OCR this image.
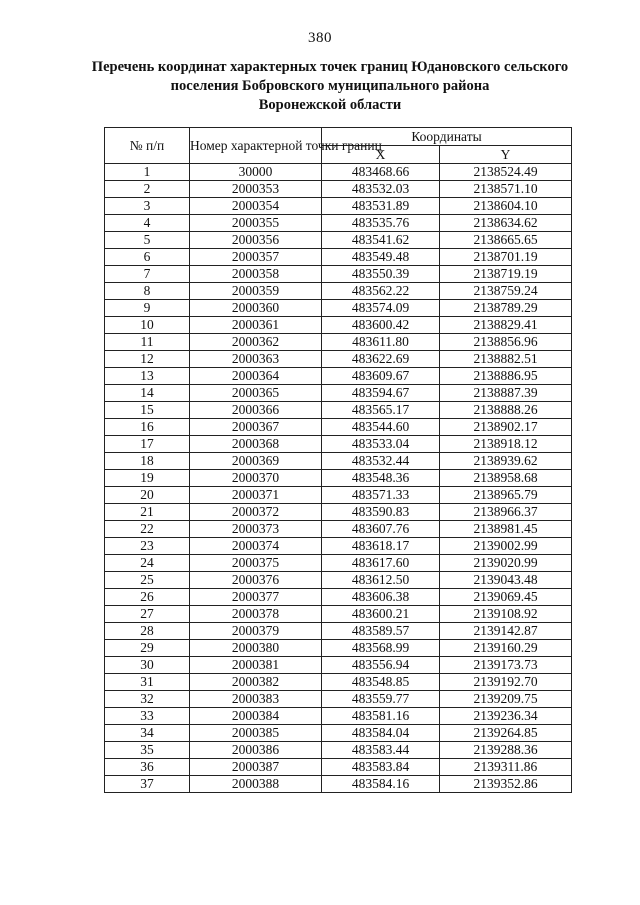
380
Перечень координат характерных точек границ Юдановского сельского
поселения Бобровского муниципального района
Воронежской области
№ п/п	Номер характерной точки границ	Координаты	
		X	Y
1	30000	483468.66	2138524.49
2	2000353	483532.03	2138571.10
3	2000354	483531.89	2138604.10
4	2000355	483535.76	2138634.62
5	2000356	483541.62	2138665.65
6	2000357	483549.48	2138701.19
7	2000358	483550.39	2138719.19
8	2000359	483562.22	2138759.24
9	2000360	483574.09	2138789.29
10	2000361	483600.42	2138829.41
11	2000362	483611.80	2138856.96
12	2000363	483622.69	2138882.51
13	2000364	483609.67	2138886.95
14	2000365	483594.67	2138887.39
15	2000366	483565.17	2138888.26
16	2000367	483544.60	2138902.17
17	2000368	483533.04	2138918.12
18	2000369	483532.44	2138939.62
19	2000370	483548.36	2138958.68
20	2000371	483571.33	2138965.79
21	2000372	483590.83	2138966.37
22	2000373	483607.76	2138981.45
23	2000374	483618.17	2139002.99
24	2000375	483617.60	2139020.99
25	2000376	483612.50	2139043.48
26	2000377	483606.38	2139069.45
27	2000378	483600.21	2139108.92
28	2000379	483589.57	2139142.87
29	2000380	483568.99	2139160.29
30	2000381	483556.94	2139173.73
31	2000382	483548.85	2139192.70
32	2000383	483559.77	2139209.75
33	2000384	483581.16	2139236.34
34	2000385	483584.04	2139264.85
35	2000386	483583.44	2139288.36
36	2000387	483583.84	2139311.86
37	2000388	483584.16	2139352.86
